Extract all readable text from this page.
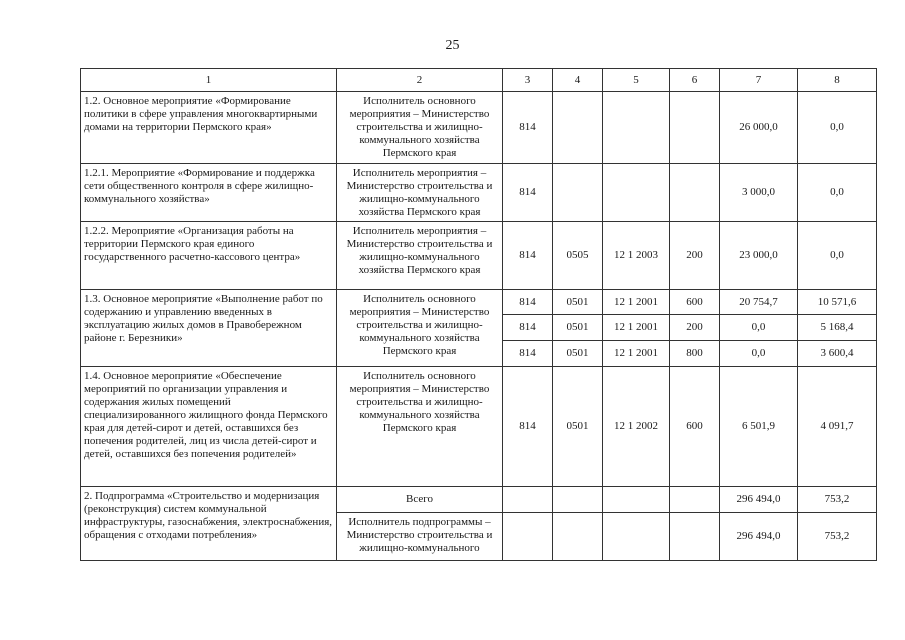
25
1	2	3	4	5	6	7	8
1.2. Основное мероприятие «Формирование политики в сфере управления многоквартирными домами на территории Пермского края»	Исполнитель основного мероприятия – Министерство строительства и жилищно-коммунального хозяйства Пермского края	814				26 000,0	0,0
1.2.1. Мероприятие «Формирование и поддержка сети общественного контроля в сфере жилищно-коммунального хозяйства»	Исполнитель мероприятия – Министерство строительства и жилищно-коммунального хозяйства Пермского края	814				3 000,0	0,0
1.2.2. Мероприятие «Организация работы на территории Пермского края единого государственного расчетно-кассового центра»	Исполнитель мероприятия – Министерство строительства и жилищно-коммунального хозяйства Пермского края	814	0505	12 1 2003	200	23 000,0	0,0
1.3. Основное мероприятие «Выполнение работ по содержанию и управлению введенных в эксплуатацию жилых домов в Правобережном районе г. Березники»	Исполнитель основного мероприятия – Министерство строительства и жилищно-коммунального хозяйства Пермского края	814	0501	12 1 2001	600	20 754,7	10 571,6
		814	0501	12 1 2001	200	0,0	5 168,4
		814	0501	12 1 2001	800	0,0	3 600,4
1.4. Основное мероприятие «Обеспечение мероприятий по организации управления и содержания жилых помещений специализированного жилищного фонда Пермского края для детей-сирот и детей, оставшихся без попечения родителей, лиц из числа детей-сирот и детей, оставшихся без попечения родителей»	Исполнитель основного мероприятия – Министерство строительства и жилищно-коммунального хозяйства Пермского края	814	0501	12 1 2002	600	6 501,9	4 091,7
2. Подпрограмма «Строительство и модернизация (реконструкция) систем коммунальной инфраструктуры, газоснабжения, электроснабжения, обращения с отходами потребления»	Всего					296 494,0	753,2
	Исполнитель подпрограммы – Министерство строительства и жилищно-коммунального					296 494,0	753,2
